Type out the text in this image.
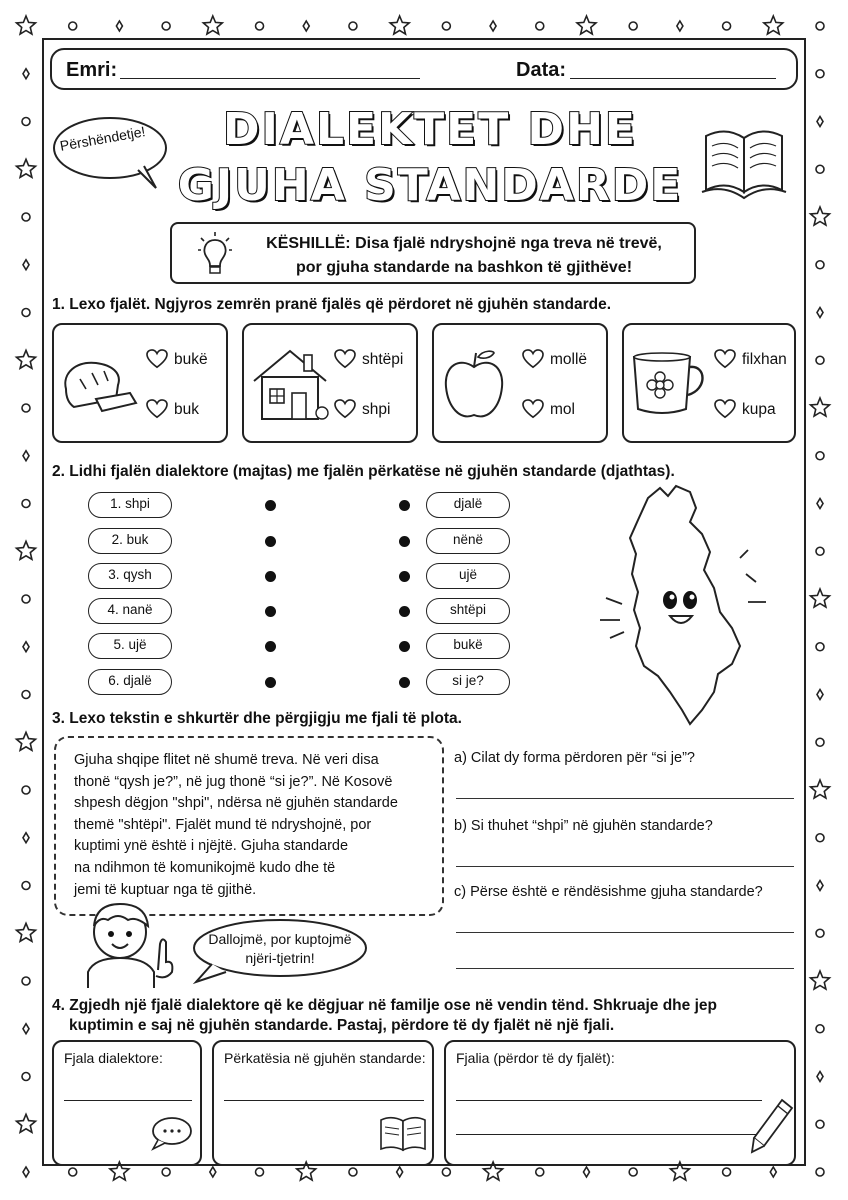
Emri:	Data:
Përshëndetje!	DIALEKTET DHE
GJUHA STANDARDE
KËSHILLË: Disa fjalë ndryshojnë nga treva në trevë,
por gjuha standarde na bashkon të gjithëve!
1. Lexo fjalët. Ngjyros zemrën pranë fjalës që përdoret në gjuhën standarde.
bukë
buk
shtëpi
shpi
mollë
mol
filxhan
kupa
2. Lidhi fjalën dialektore (majtas) me fjalën përkatëse në gjuhën standarde (djathtas).
1. shpi
2. buk
3. qysh
4. nanë
5. ujë
6. djalë
djalë
nënë
ujë
shtëpi
bukë
si je?
3. Lexo tekstin e shkurtër dhe përgjigju me fjali të plota.
Gjuha shqipe flitet në shumë treva. Në veri disa
thonë “qysh je?”, në jug thonë “si je?”. Në Kosovë
shpesh dëgjon "shpi", ndërsa në gjuhën standarde
themë "shtëpi". Fjalët mund të ndryshojnë, por
kuptimi ynë është i njëjtë. Gjuha standarde
na ndihmon të komunikojmë kudo dhe të
jemi të kuptuar nga të gjithë.
Dallojmë, por kuptojmë
njëri-tjetrin!
a) Cilat dy forma përdoren për “si je”?
b) Si thuhet “shpi” në gjuhën standarde?
c) Përse është e rëndësishme gjuha standarde?
4. Zgjedh një fjalë dialektore që ke dëgjuar në familje ose në vendin tënd. Shkruaje dhe jep
kuptimin e saj në gjuhën standarde. Pastaj, përdore të dy fjalët në një fjali.
Fjala dialektore:	Përkatësia në gjuhën standarde: Fjalia (përdor të dy fjalët):
